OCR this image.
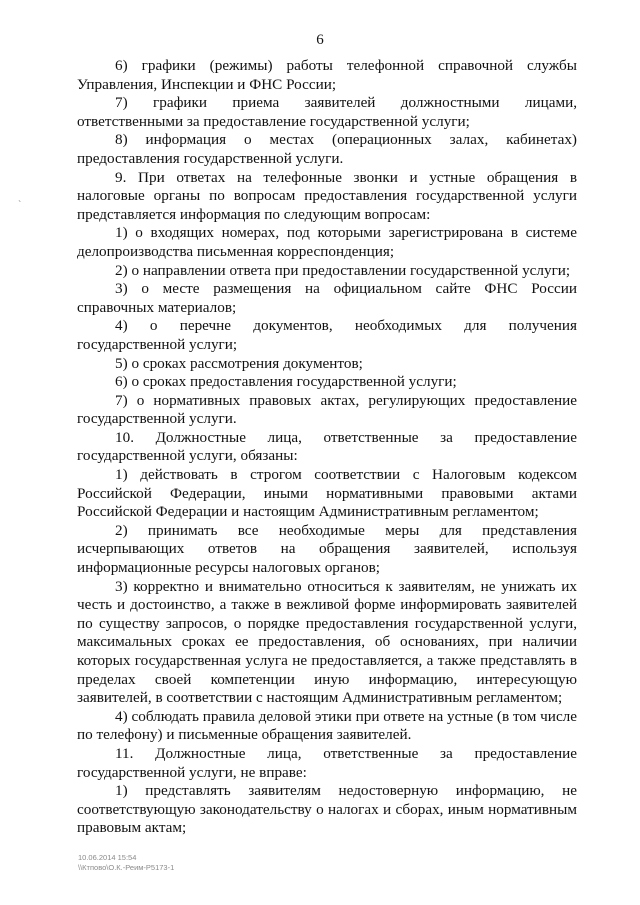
6
`

6) графики (режимы) работы телефонной справочной службы Управления, Инспекции и ФНС России;

7) графики приема заявителей должностными лицами, ответственными за предоставление государственной услуги;

8) информация о местах (операционных залах, кабинетах) предоставления государственной услуги.

9. При ответах на телефонные звонки и устные обращения в налоговые органы по вопросам предоставления государственной услуги представляется информация по следующим вопросам:

1) о входящих номерах, под которыми зарегистрирована в системе делопроизводства письменная корреспонденция;

2) о направлении ответа при предоставлении государственной услуги;

3) о месте размещения на официальном сайте ФНС России справочных материалов;

4) о перечне документов, необходимых для получения государственной услуги;

5) о сроках рассмотрения документов;

6) о сроках предоставления государственной услуги;

7) о нормативных правовых актах, регулирующих предоставление государственной услуги.

10. Должностные лица, ответственные за предоставление государственной услуги, обязаны:

1) действовать в строгом соответствии с Налоговым кодексом Российской Федерации, иными нормативными правовыми актами Российской Федерации и настоящим Административным регламентом;

2) принимать все необходимые меры для представления исчерпывающих ответов на обращения заявителей, используя информационные ресурсы налоговых органов;

3) корректно и внимательно относиться к заявителям, не унижать их честь и достоинство, а также в вежливой форме информировать заявителей по существу запросов, о порядке предоставления государственной услуги, максимальных сроках ее предоставления, об основаниях, при наличии которых государственная услуга не предоставляется, а также представлять в пределах своей компетенции иную информацию, интересующую заявителей, в соответствии с настоящим Административным регламентом;

4) соблюдать правила деловой этики при ответе на устные (в том числе по телефону) и письменные обращения заявителей.

11. Должностные лица, ответственные за предоставление государственной услуги, не вправе:

1) представлять заявителям недостоверную информацию, не соответствующую законодательству о налогах и сборах, иным нормативным правовым актам;

10.06.2014 15:54
\\Ктпово\О.К.-Реим-Р5173-1
